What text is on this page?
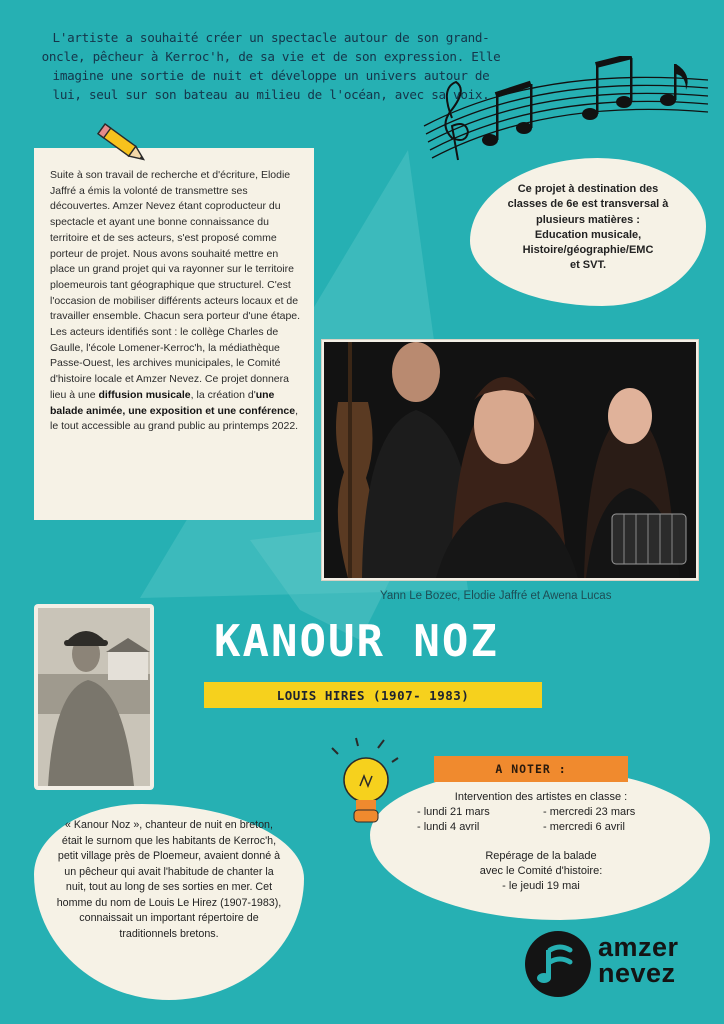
L'artiste a souhaité créer un spectacle autour de son grand-oncle, pêcheur à Kerroc'h, de sa vie et de son expression. Elle imagine une sortie de nuit et développe un univers autour de lui, seul sur son bateau au milieu de l'océan, avec sa voix.

Suite à son travail de recherche et d'écriture, Elodie Jaffré a émis la volonté de transmettre ses découvertes. Amzer Nevez étant coproducteur du spectacle et ayant une bonne connaissance du territoire et de ses acteurs, s'est proposé comme porteur de projet. Nous avons souhaité mettre en place un grand projet qui va rayonner sur le territoire ploemeurois tant géographique que structurel. C'est l'occasion de mobiliser différents acteurs locaux et de travailler ensemble. Chacun sera porteur d'une étape. Les acteurs identifiés sont : le collège Charles de Gaulle, l'école Lomener-Kerroc'h, la médiathèque Passe-Ouest, les archives municipales, le Comité d'histoire locale et Amzer Nevez. Ce projet donnera lieu à une diffusion musicale, la création d'une balade animée, une exposition et une conférence, le tout accessible au grand public au printemps 2022.

Ce projet à destination des
classes de 6e est transversal à
plusieurs matières :
Education musicale,
Histoire/géographie/EMC
et SVT.

Yann Le Bozec, Elodie Jaffré et Awena Lucas
KANOUR NOZ
LOUIS HIRES (1907- 1983)

« Kanour Noz », chanteur de nuit en breton, était le surnom que les habitants de Kerroc'h, petit village près de Ploemeur, avaient donné à un pêcheur qui avait l'habitude de chanter la nuit, tout au long de ses sorties en mer. Cet homme du nom de Louis Le Hirez (1907-1983), connaissait un important répertoire de traditionnels bretons.

A NOTER :
Intervention des artistes en classe :
- lundi 21 mars	- mercredi 23 mars
- lundi 4 avril	- mercredi 6 avril
Repérage de la balade
avec le Comité d'histoire:
- le jeudi 19 mai
amzer
nevez
